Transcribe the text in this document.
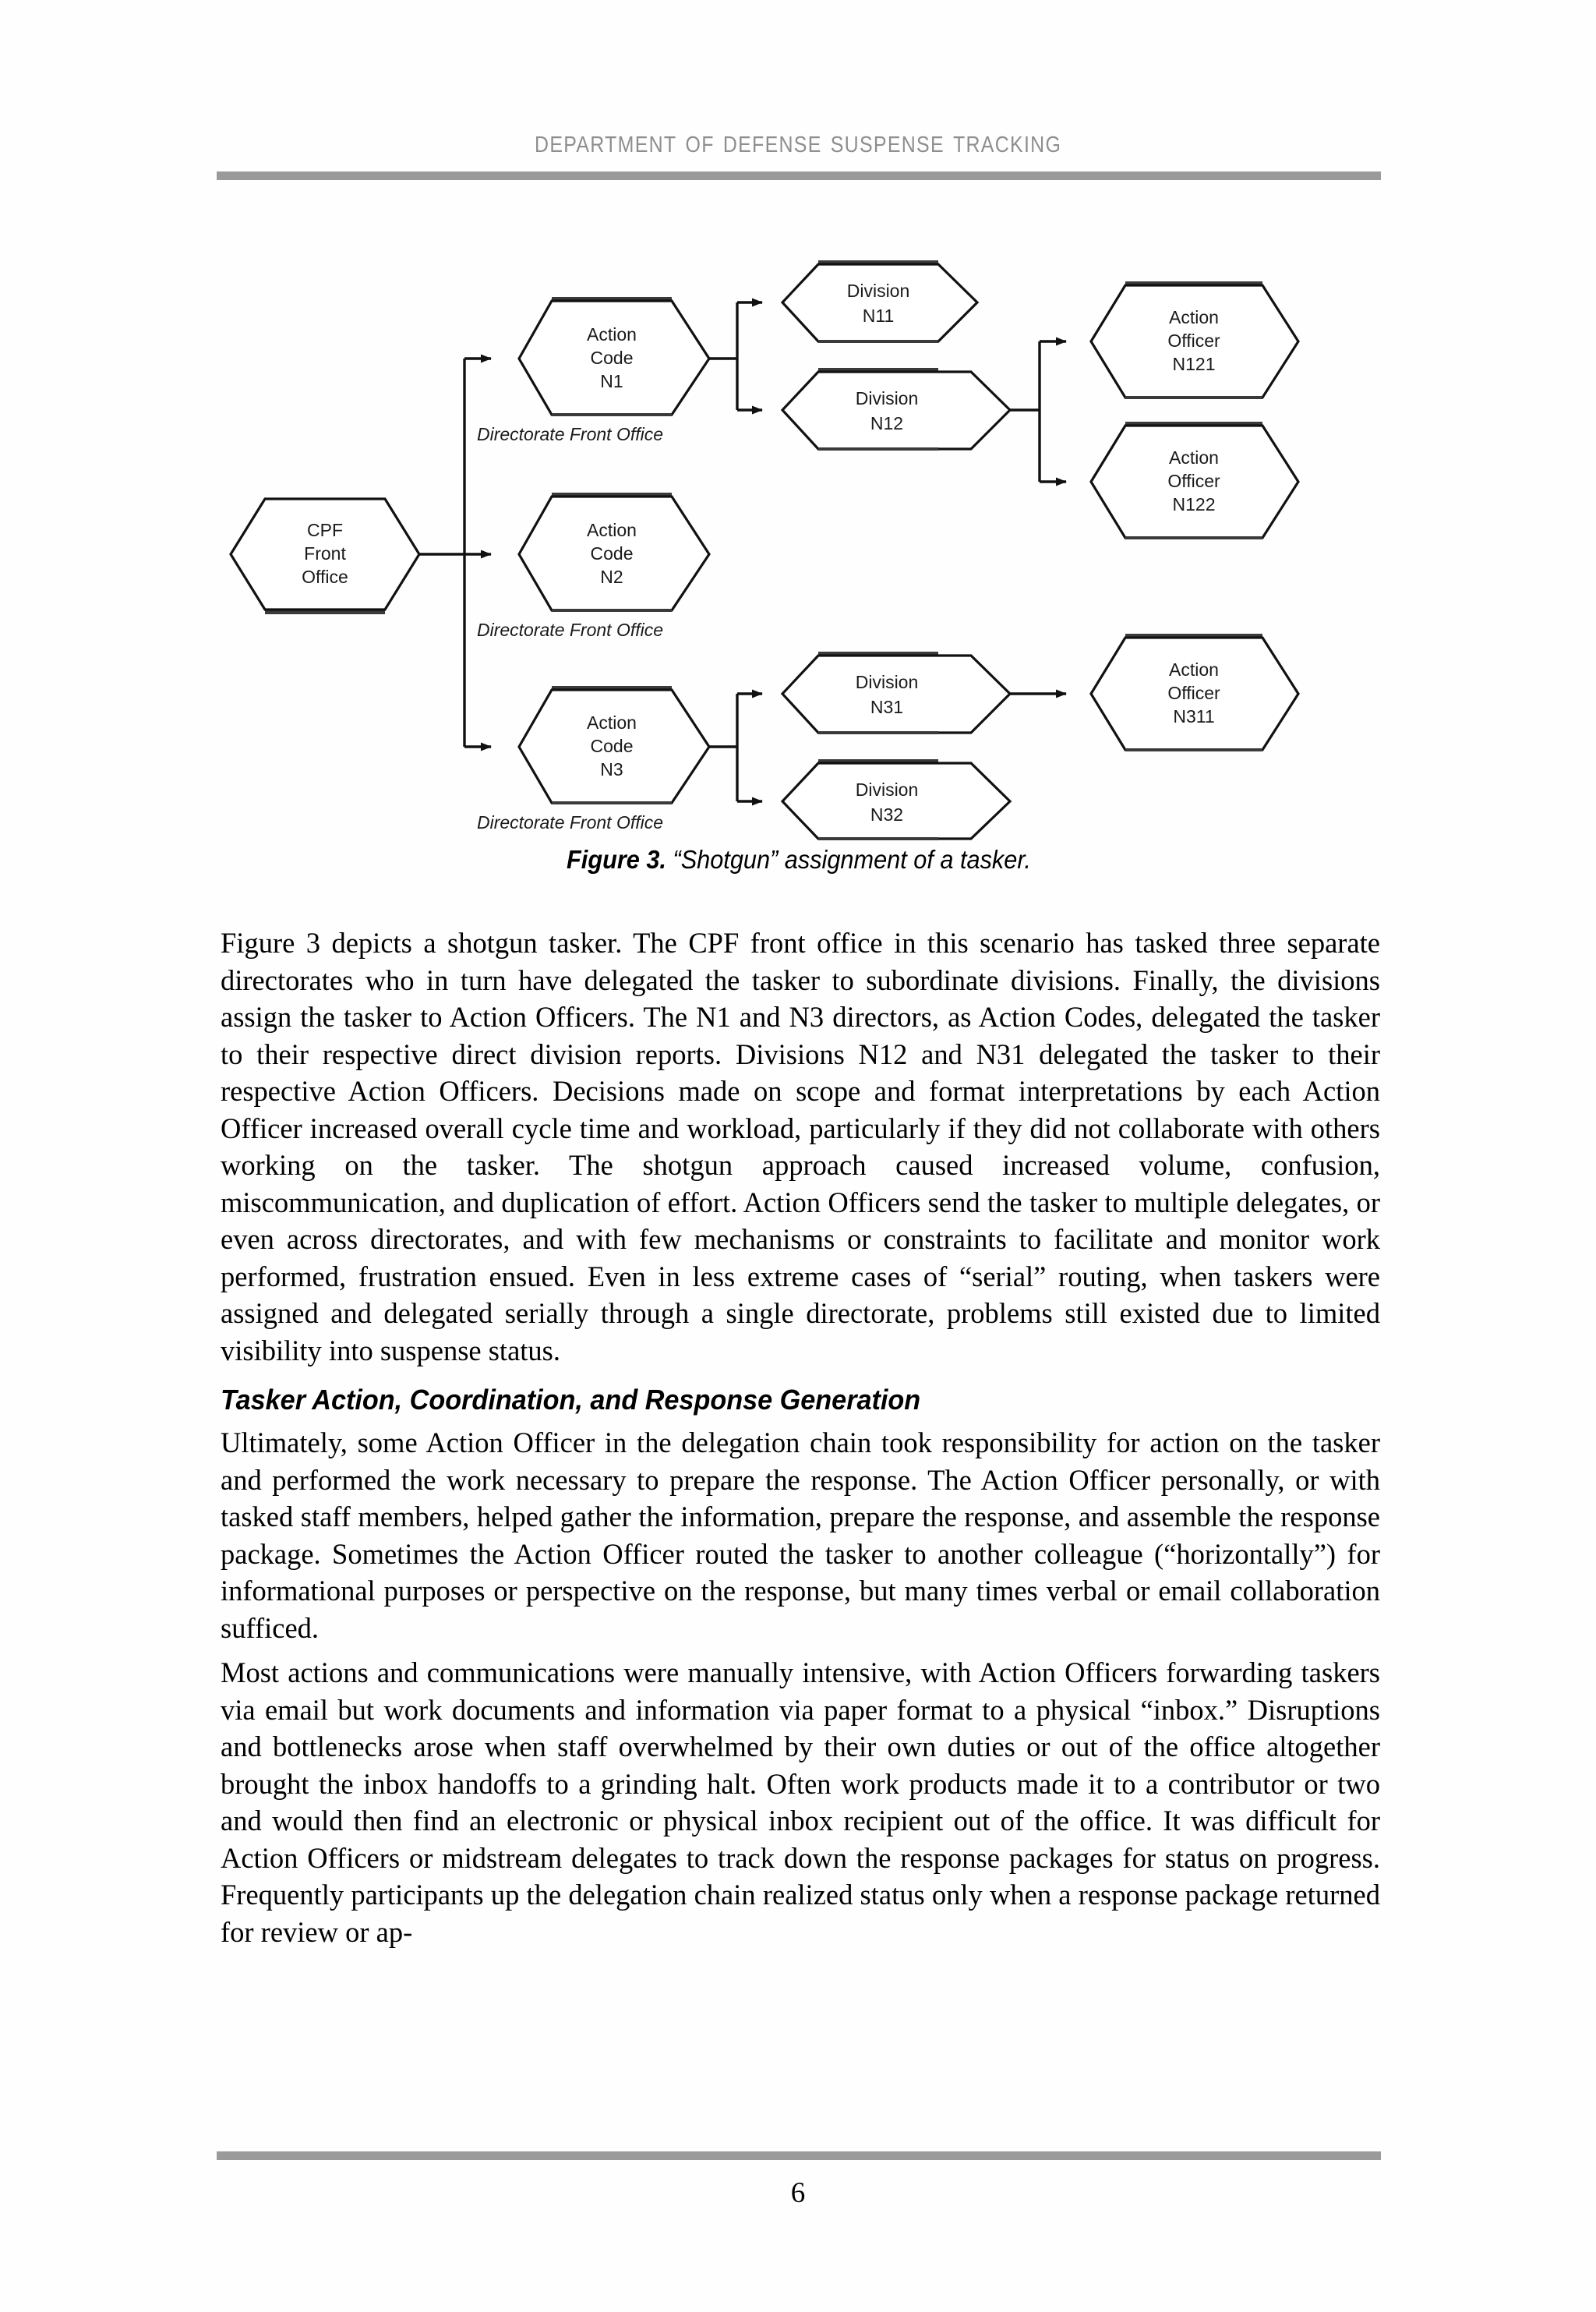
department of defense suspense tracking
CPF
Front
Office
Action
Code
N1
Directorate Front Office
Action
Code
N2
Directorate Front Office
Action
Code
N3
Directorate Front Office
Division
N11
Division
N12
Action
Officer
N121
Action
Officer
N122
Division
N31
Division
N32
Action
Officer
N311
Figure 3. “Shotgun” assignment of a tasker.

Figure 3 depicts a shotgun tasker. The CPF front office in this scenario has tasked three separate directorates who in turn have delegated the tasker to subordinate divisions. Finally, the divisions assign the tasker to Action Officers. The N1 and N3 directors, as Action Codes, delegated the tasker to their respective direct division reports. Divisions N12 and N31 delegated the tasker to their respective Action Officers. Decisions made on scope and format interpretations by each Action Officer increased overall cycle time and workload, particularly if they did not collaborate with others working on the tasker. The shotgun approach caused increased volume, confusion, miscommunication, and duplication of effort. Action Officers send the tasker to multiple delegates, or even across directorates, and with few mechanisms or constraints to facilitate and monitor work performed, frustration ensued. Even in less extreme cases of “serial” routing, when taskers were assigned and delegated serially through a single directorate, problems still existed due to limited visibility into suspense status.

Tasker Action, Coordination, and Response Generation

Ultimately, some Action Officer in the delegation chain took responsibility for action on the tasker and performed the work necessary to prepare the response. The Action Officer personally, or with tasked staff members, helped gather the information, prepare the response, and assemble the response package. Sometimes the Action Officer routed the tasker to another colleague (“horizontally”) for informational purposes or perspective on the response, but many times verbal or email collaboration sufficed.

Most actions and communications were manually intensive, with Action Officers forwarding taskers via email but work documents and information via paper format to a physical “inbox.” Disruptions and bottlenecks arose when staff overwhelmed by their own duties or out of the office altogether brought the inbox handoffs to a grinding halt. Often work products made it to a contributor or two and would then find an electronic or physical inbox recipient out of the office. It was difficult for Action Officers or midstream delegates to track down the response packages for status on progress. Frequently participants up the delegation chain realized status only when a response package returned for review or ap-

6
